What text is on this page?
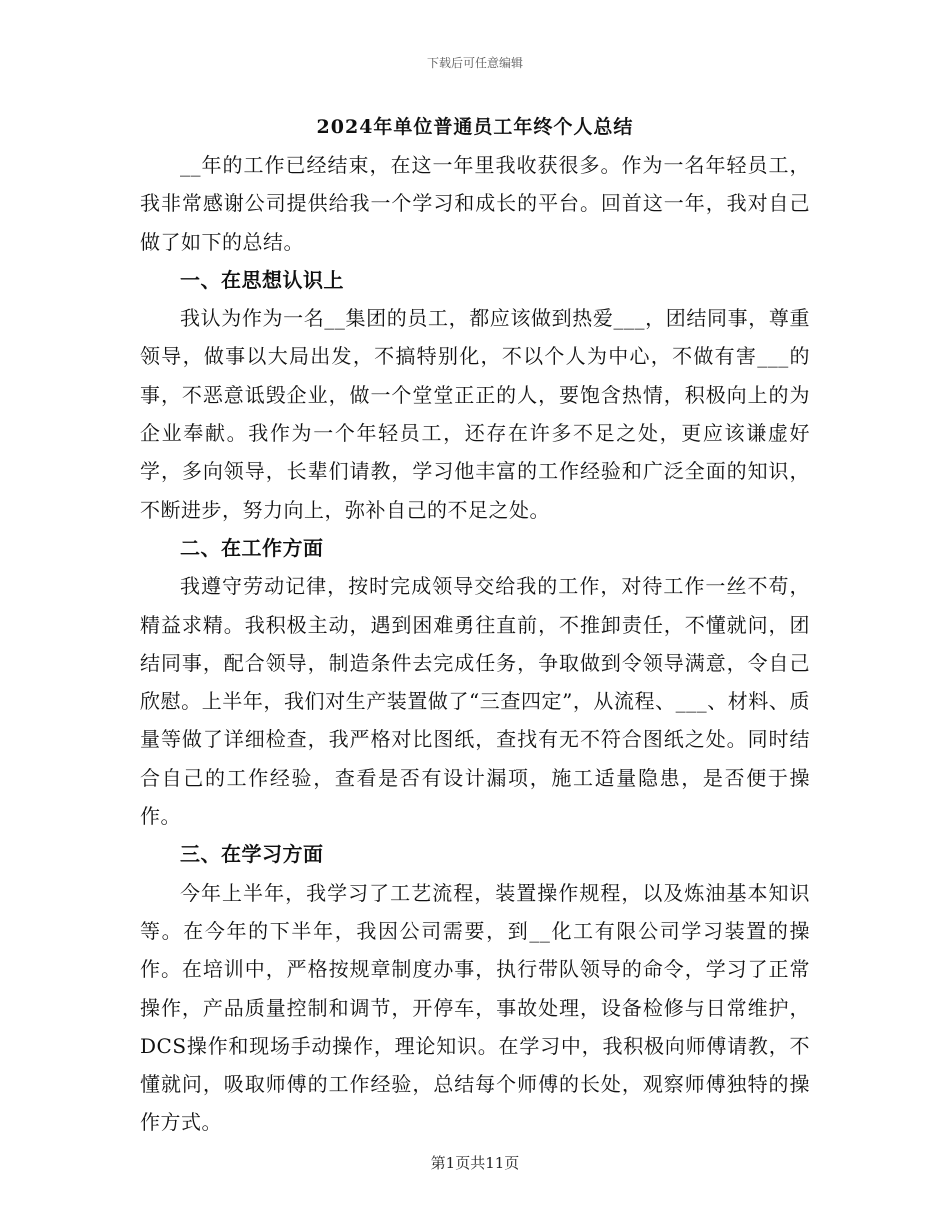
下载后可任意编辑
2024年单位普通员工年终个人总结

__年的工作已经结束，在这一年里我收获很多。作为一名年轻员工，我非常感谢公司提供给我一个学习和成长的平台。回首这一年，我对自己做了如下的总结。

一、在思想认识上

我认为作为一名__集团的员工，都应该做到热爱___，团结同事，尊重领导，做事以大局出发，不搞特别化，不以个人为中心，不做有害___的事，不恶意诋毁企业，做一个堂堂正正的人，要饱含热情，积极向上的为企业奉献。我作为一个年轻员工，还存在许多不足之处，更应该谦虚好学，多向领导，长辈们请教，学习他丰富的工作经验和广泛全面的知识，不断进步，努力向上，弥补自己的不足之处。

二、在工作方面

我遵守劳动记律，按时完成领导交给我的工作，对待工作一丝不苟，精益求精。我积极主动，遇到困难勇往直前，不推卸责任，不懂就问，团结同事，配合领导，制造条件去完成任务，争取做到令领导满意，令自己欣慰。上半年，我们对生产装置做了“三查四定”，从流程、___、材料、质量等做了详细检查，我严格对比图纸，查找有无不符合图纸之处。同时结合自己的工作经验，查看是否有设计漏项，施工适量隐患，是否便于操作。

三、在学习方面

今年上半年，我学习了工艺流程，装置操作规程，以及炼油基本知识等。在今年的下半年，我因公司需要，到__化工有限公司学习装置的操作。在培训中，严格按规章制度办事，执行带队领导的命令，学习了正常操作，产品质量控制和调节，开停车，事故处理，设备检修与日常维护，DCS操作和现场手动操作，理论知识。在学习中，我积极向师傅请教，不懂就问，吸取师傅的工作经验，总结每个师傅的长处，观察师傅独特的操作方式。

第1页共11页
